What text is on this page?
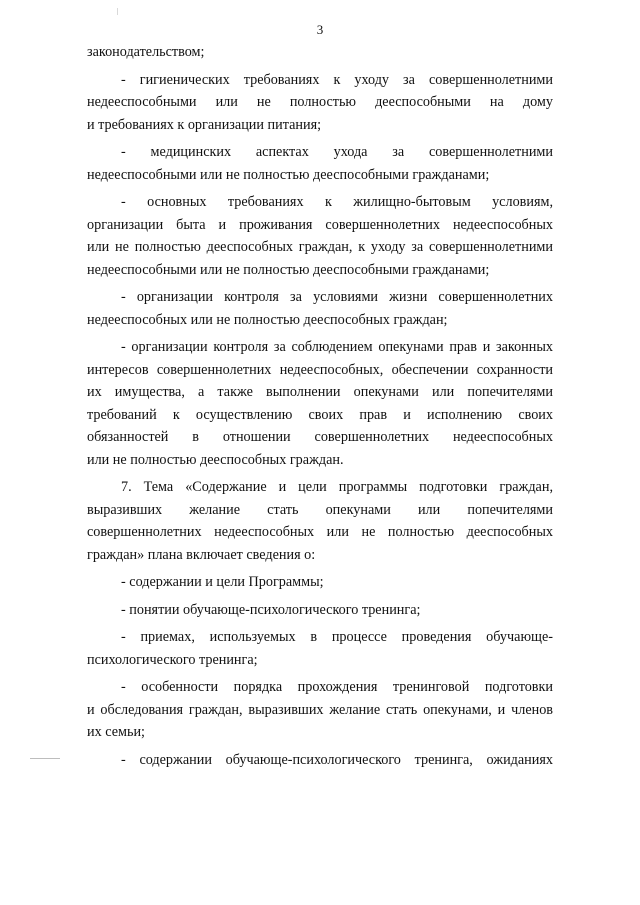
3
законодательством;
- гигиенических требованиях к уходу за совершеннолетними
недееспособными или не полностью дееспособными на дому
и требованиях к организации питания;
- медицинских аспектах ухода за совершеннолетними
недееспособными или не полностью дееспособными гражданами;
- основных требованиях к жилищно-бытовым условиям,
организации быта и проживания совершеннолетних недееспособных
или не полностью дееспособных граждан, к уходу за совершеннолетними
недееспособными или не полностью дееспособными гражданами;
- организации контроля за условиями жизни совершеннолетних
недееспособных или не полностью дееспособных граждан;
- организации контроля за соблюдением опекунами прав и законных
интересов совершеннолетних недееспособных, обеспечении сохранности
их имущества, а также выполнении опекунами или попечителями
требований к осуществлению своих прав и исполнению своих
обязанностей в отношении совершеннолетних недееспособных
или не полностью дееспособных граждан.
7. Тема «Содержание и цели программы подготовки граждан,
выразивших желание стать опекунами или попечителями
совершеннолетних недееспособных или не полностью дееспособных
граждан» плана включает сведения о:
- содержании и цели Программы;
- понятии обучающе-психологического тренинга;
- приемах, используемых в процессе проведения обучающе-
психологического тренинга;
- особенности порядка прохождения тренинговой подготовки
и обследования граждан, выразивших желание стать опекунами, и членов
их семьи;
- содержании обучающе-психологического тренинга, ожиданиях
